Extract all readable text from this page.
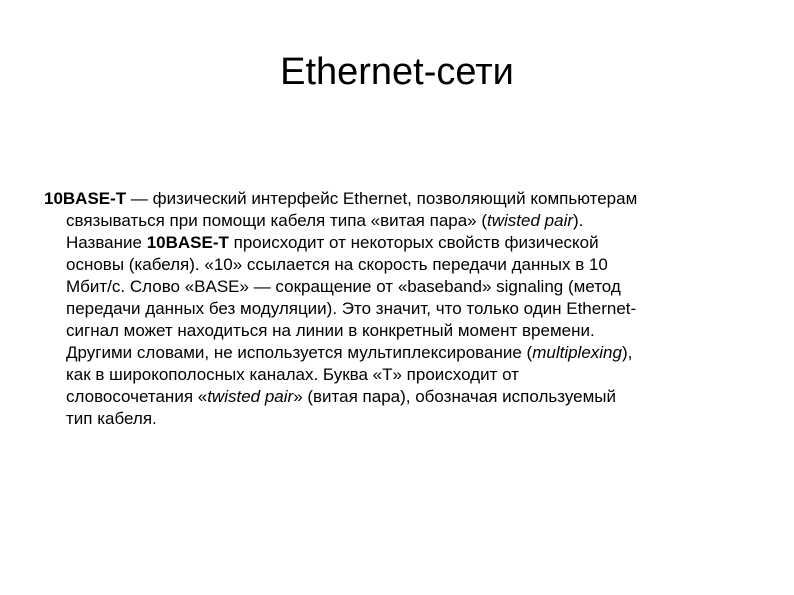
Ethernet-сети
10BASE-T — физический интерфейс Ethernet, позволяющий компьютерам
связываться при помощи кабеля типа «витая пара» (twisted pair).
Название 10BASE-T происходит от некоторых свойств физической
основы (кабеля). «10» ссылается на скорость передачи данных в 10
Мбит/с. Слово «BASE» — сокращение от «baseband» signaling (метод
передачи данных без модуляции). Это значит, что только один Ethernet-
сигнал может находиться на линии в конкретный момент времени.
Другими словами, не используется мультиплексирование (multiplexing),
как в широкополосных каналах. Буква «T» происходит от
словосочетания «twisted pair» (витая пара), обозначая используемый
тип кабеля.
